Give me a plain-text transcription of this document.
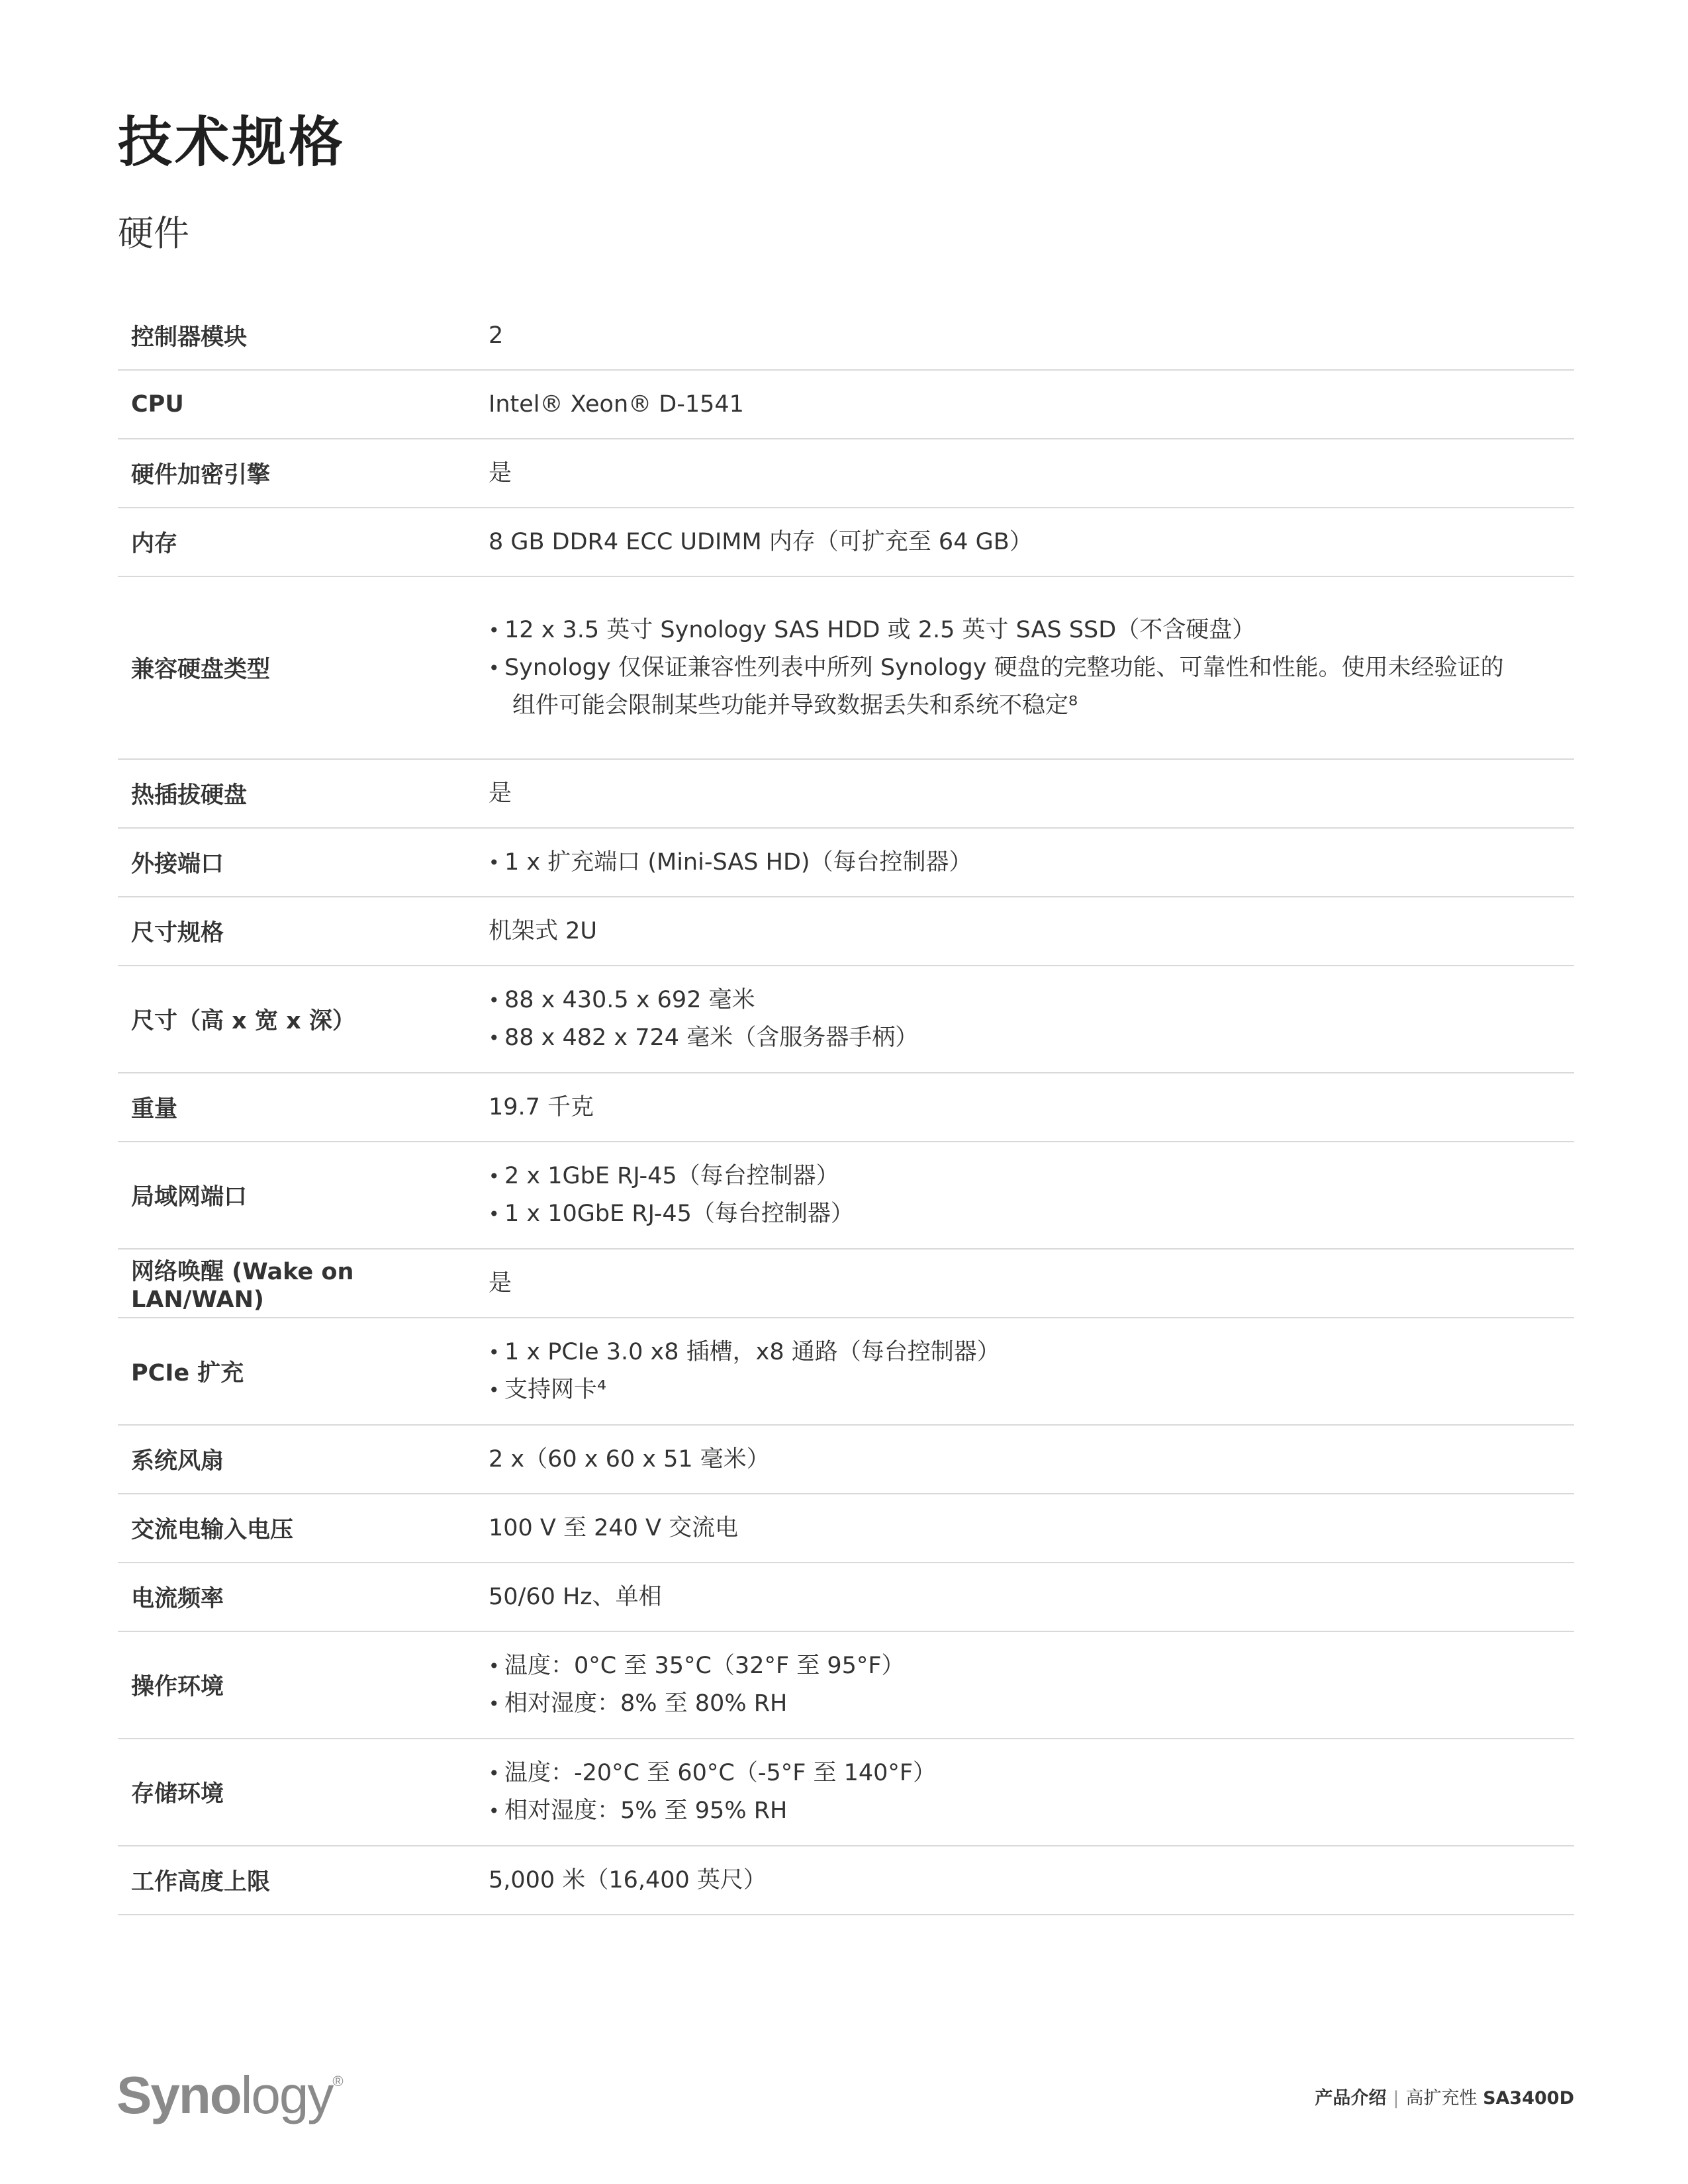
技术规格
硬件
控制器模块	2
CPU	Intel® Xeon® D-1541
硬件加密引擎	是
内存	8 GB DDR4 ECC UDIMM 内存（可扩充至 64 GB）
兼容硬盘类型
• 12 x 3.5 英寸 Synology SAS HDD 或 2.5 英寸 SAS SSD（不含硬盘）
• Synology 仅保证兼容性列表中所列 Synology 硬盘的完整功能、可靠性和性能。使用未经验证的
组件可能会限制某些功能并导致数据丢失和系统不稳定⁸
热插拔硬盘	是
外接端口
•	1 x 扩充端口 (Mini-SAS HD)（每台控制器）
尺寸规格	机架式 2U
尺寸（高 x 宽 x 深）
• 88 x 430.5 x 692 毫米
• 88 x 482 x 724 毫米（含服务器手柄）
重量	19.7 千克
局域网端口
• 2 x 1GbE RJ-45（每台控制器）
• 1 x 10GbE RJ-45（每台控制器）
网络唤醒 (Wake on LAN/WAN)
是
PCIe 扩充
• 1 x PCIe 3.0 x8 插槽，x8 通路（每台控制器）
• 支持网卡⁴
系统风扇	2 x（60 x 60 x 51 毫米）
交流电输入电压	100 V 至 240 V 交流电
电流频率	50/60 Hz、单相
操作环境
• 温度：0°C 至 35°C（32°F 至 95°F）
• 相对湿度：8% 至 80% RH
存储环境
• 温度：-20°C 至 60°C（-5°F 至 140°F）
• 相对湿度：5% 至 95% RH
工作高度上限	5,000 米（16,400 英尺）
Synology®
产品介绍 | 高扩充性 SA3400D
